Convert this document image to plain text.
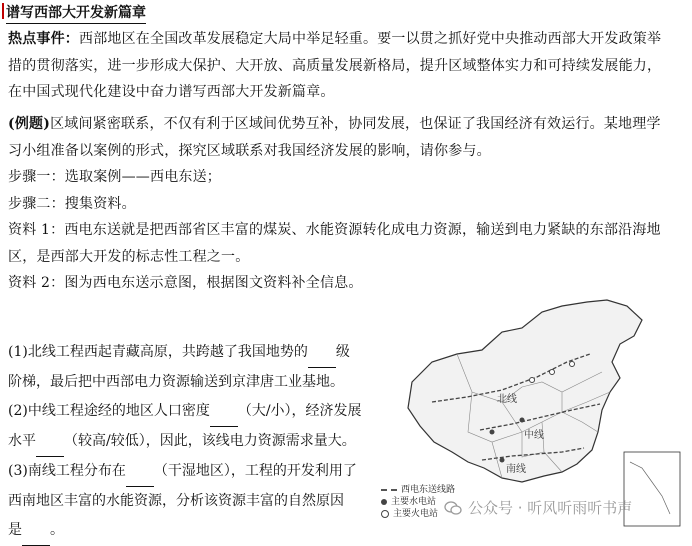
谱写西部大开发新篇章
热点事件：西部地区在全国改革发展稳定大局中举足轻重。要一以贯之抓好党中央推动西部大开发政策举
措的贯彻落实，进一步形成大保护、大开放、高质量发展新格局，提升区域整体实力和可持续发展能力，
在中国式现代化建设中奋力谱写西部大开发新篇章。
(例题)区域间紧密联系，不仅有利于区域间优势互补，协同发展，也保证了我国经济有效运行。某地理学
习小组准备以案例的形式，探究区域联系对我国经济发展的影响，请你参与。
步骤一：选取案例——西电东送；
步骤二：搜集资料。
资料 1：西电东送就是把西部省区丰富的煤炭、水能资源转化成电力资源，输送到电力紧缺的东部沿海地
区，是西部大开发的标志性工程之一。
资料 2：图为西电东送示意图，根据图文资料补全信息。
(1)北线工程西起青藏高原，共跨越了我国地势的 级
阶梯，最后把中西部电力资源输送到京津唐工业基地。
(2)中线工程途经的地区人口密度 （大/小），经济发展
水平 （较高/较低），因此，该线电力资源需求量大。
(3)南线工程分布在 （干湿地区），工程的开发利用了
西南地区丰富的水能资源，分析该资源丰富的自然原因
是 。
北线
中线
南线
西电东送线路
主要水电站
主要火电站 公众号 · 听风听雨听书声
